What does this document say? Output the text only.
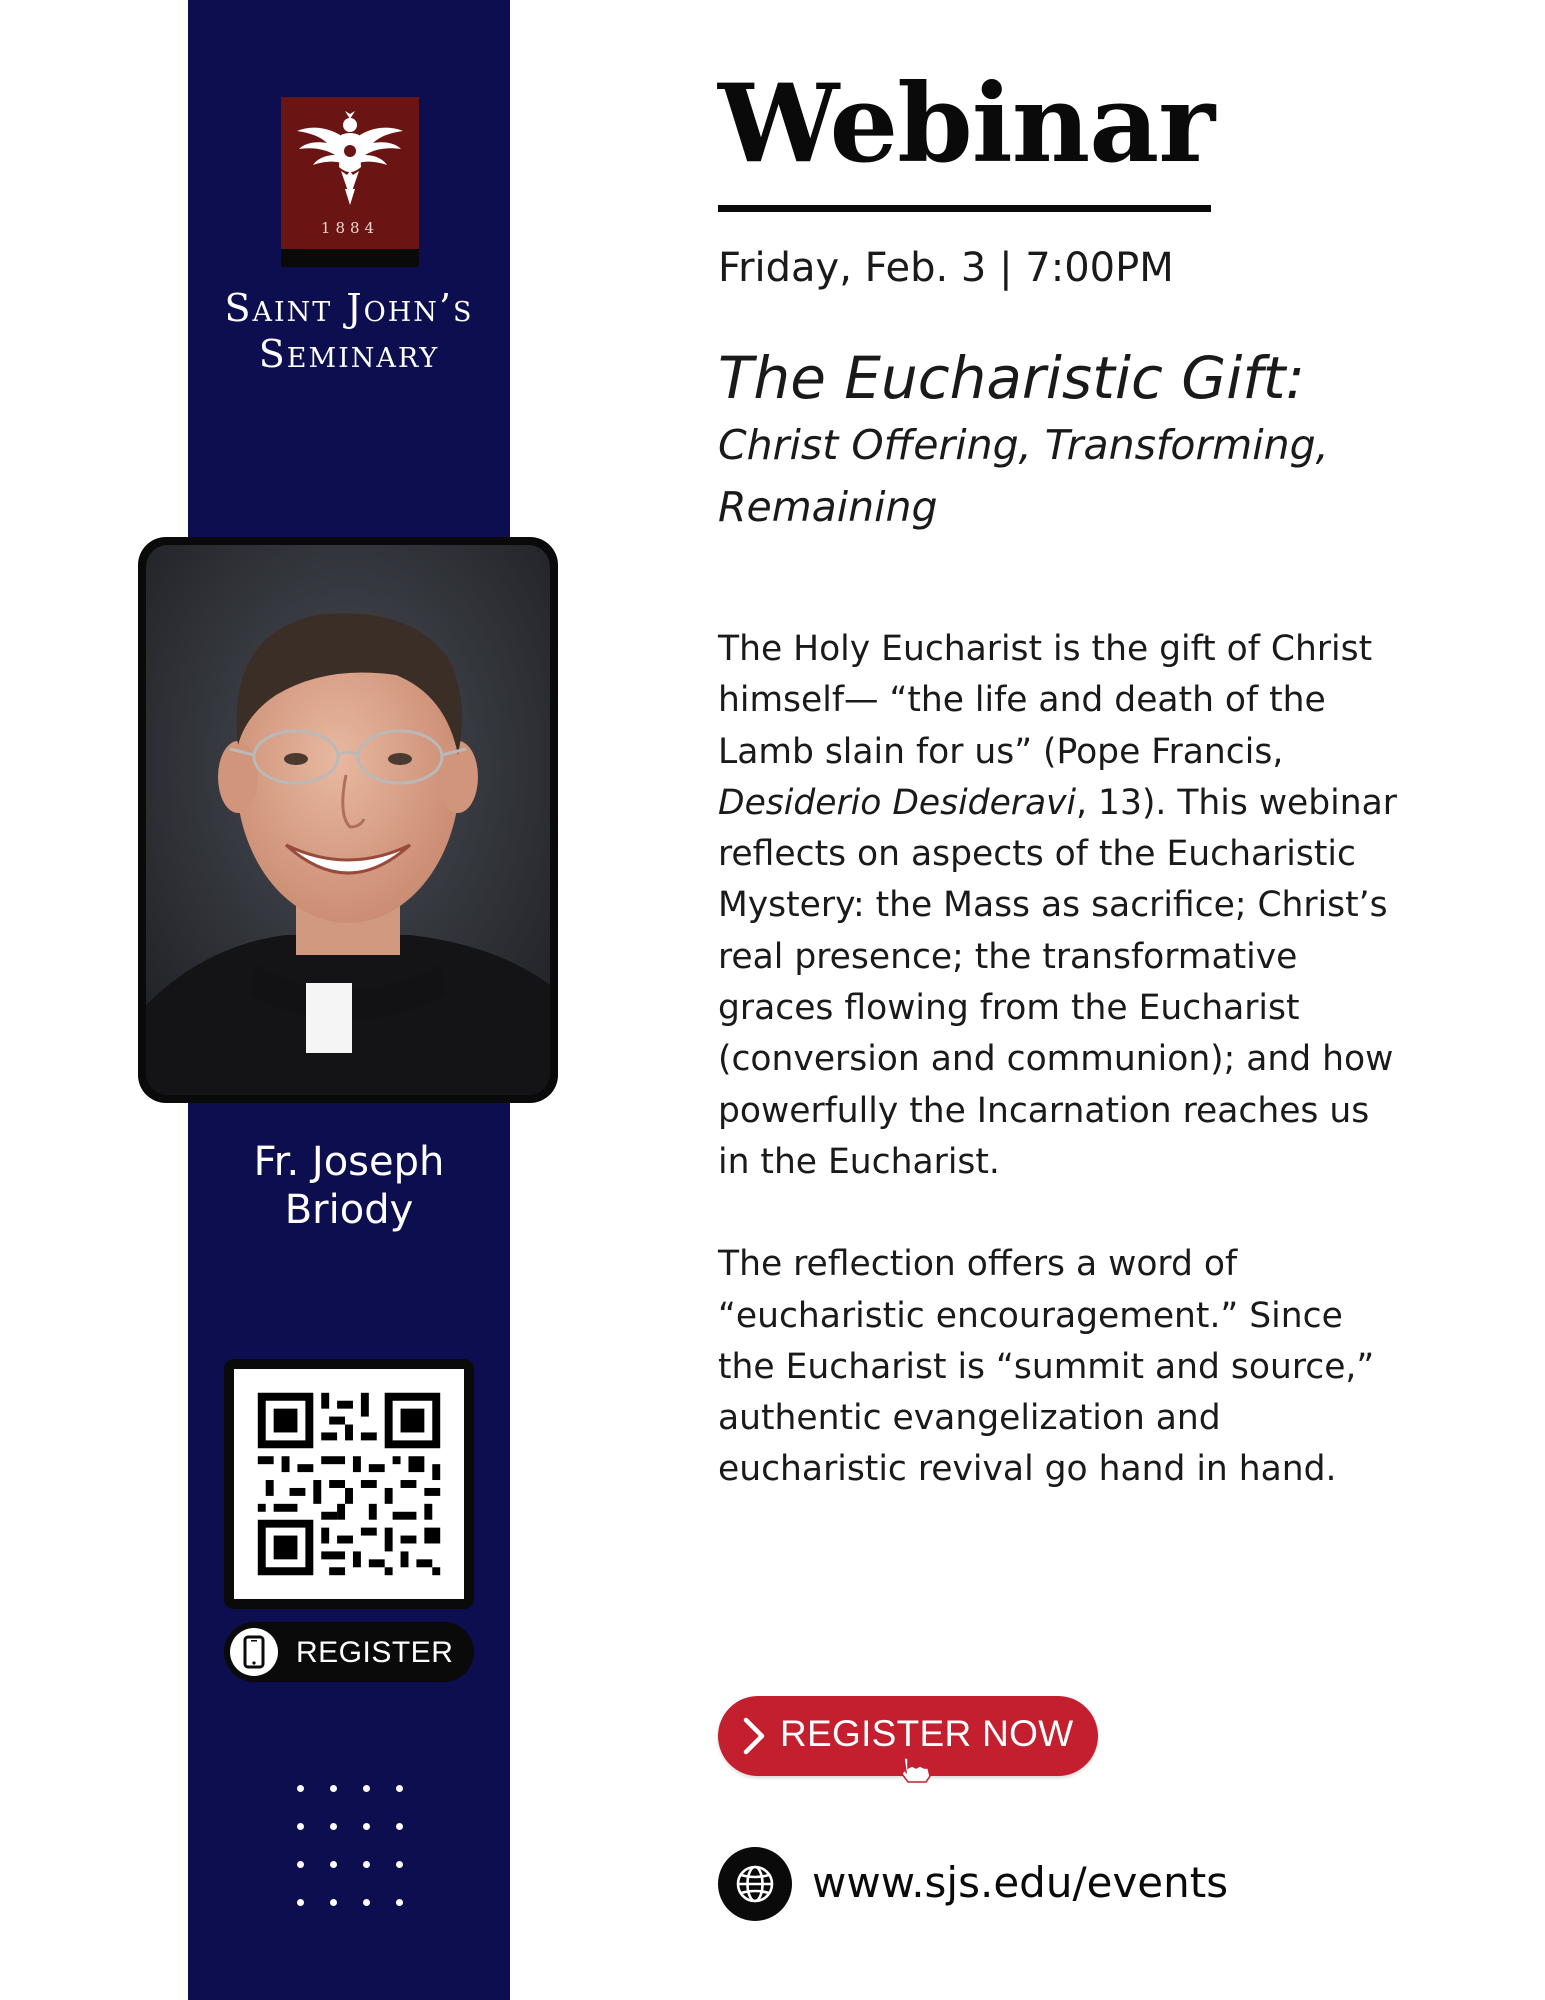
1884
Saint John’s
Seminary
Fr. Joseph
Briody
REGISTER
Webinar
Friday, Feb. 3 | 7:00PM
The Eucharistic Gift:
Christ Offering, Transforming, Remaining

The Holy Eucharist is the gift of Christ himself— “the life and death of the Lamb slain for us” (Pope Francis, Desiderio Desideravi, 13). This webinar reflects on aspects of the Eucharistic Mystery: the Mass as sacrifice; Christ’s real presence; the transformative graces flowing from the Eucharist (conversion and communion); and how powerfully the Incarnation reaches us in the Eucharist.

The reflection offers a word of “eucharistic encouragement.” Since the Eucharist is “summit and source,” authentic evangelization and eucharistic revival go hand in hand.

REGISTER NOW
www.sjs.edu/events
